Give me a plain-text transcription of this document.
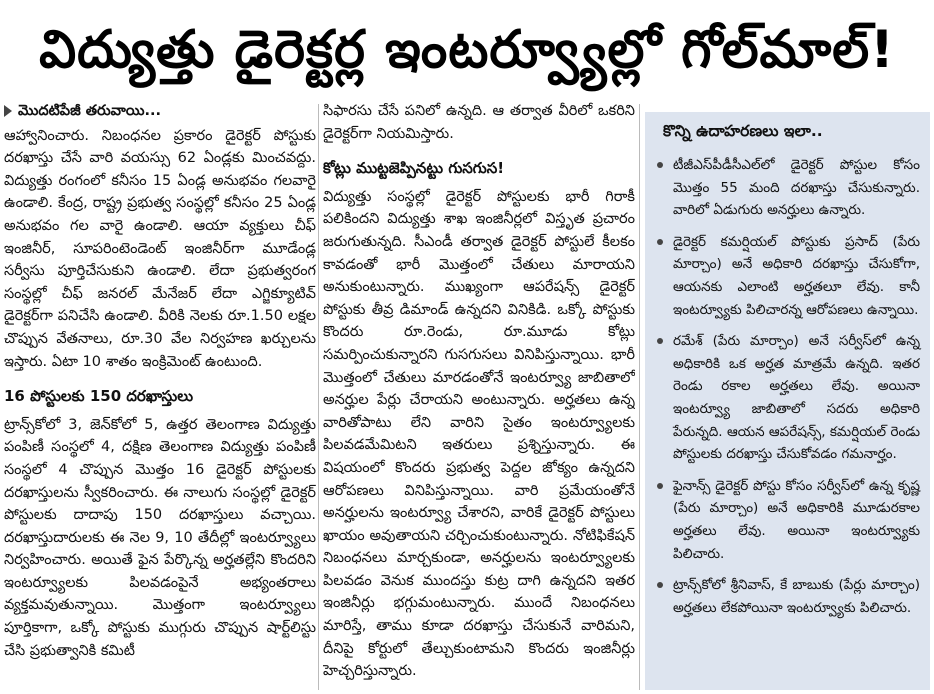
విద్యుత్తు డైరెక్టర్ల ఇంటర్వ్యూల్లో గోల్‌మాల్!
మొదటిపేజీ తరువాయి...

ఆహ్వానించారు. నిబంధనల ప్రకారం డైరెక్టర్ పోస్టుకు దరఖాస్తు చేసే వారి వయస్సు 62 ఏండ్లకు మించవద్దు. విద్యుత్తు రంగంలో కనీసం 15 ఏండ్ల అనుభవం గలవారై ఉండాలి. కేంద్ర, రాష్ట్ర ప్రభుత్వ సంస్థల్లో కనీసం 25 ఏండ్ల అనుభవం గల వారై ఉండాలి. ఆయా వ్యక్తులు చీఫ్ ఇంజినీర్, సూపరింటెండెంట్ ఇంజినీర్‌గా మూడేండ్ల సర్వీసు పూర్తిచేసుకుని ఉండాలి. లేదా ప్రభుత్వరంగ సంస్థల్లో చీఫ్ జనరల్ మేనేజర్ లేదా ఎగ్జిక్యూటివ్ డైరెక్టర్‌గా పనిచేసి ఉండాలి. వీరికి నెలకు రూ.1.50 లక్షల చొప్పున వేతనాలు, రూ.30 వేల నిర్వహణ ఖర్చులను ఇస్తారు. ఏటా 10 శాతం ఇంక్రిమెంట్ ఉంటుంది.

16 పోస్టులకు 150 దరఖాస్తులు

ట్రాన్స్‌కోలో 3, జెన్‌కోలో 5, ఉత్తర తెలంగాణ విద్యుత్తు పంపిణీ సంస్థలో 4, దక్షిణ తెలంగాణ విద్యుత్తు పంపిణీ సంస్థలో 4 చొప్పున మొత్తం 16 డైరెక్టర్ పోస్టులకు దరఖాస్తులను స్వీకరించారు. ఈ నాలుగు సంస్థల్లో డైరెక్టర్ పోస్టులకు దాదాపు 150 దరఖాస్తులు వచ్చాయి. దరఖాస్తుదారులకు ఈ నెల 9, 10 తేదీల్లో ఇంటర్వ్యూలు నిర్వహించారు. అయితే ఫైన పేర్కొన్న అర్హతల్లేని కొందరిని ఇంటర్వ్యూలకు పిలవడంపైనే అభ్యంతరాలు వ్యక్తమవుతున్నాయి. మొత్తంగా ఇంటర్వ్యూలు పూర్తికాగా, ఒక్కో పోస్టుకు ముగ్గురు చొప్పున షార్ట్‌లిస్టు చేసి ప్రభుత్వానికి కమిటీ

సిఫారసు చేసే పనిలో ఉన్నది. ఆ తర్వాత వీరిలో ఒకరిని డైరెక్టర్‌గా నియమిస్తారు.

కోట్లు ముట్టజెప్పినట్టు గుసగుస!

విద్యుత్తు సంస్థల్లో డైరెక్టర్ పోస్టులకు భారీ గిరాకీ పలికిందని విద్యుత్తు శాఖ ఇంజినీర్లలో విస్తృత ప్రచారం జరుగుతున్నది. సీఎండీ తర్వాత డైరెక్టర్ పోస్టులే కీలకం కావడంతో భారీ మొత్తంలో చేతులు మారాయని అనుకుంటున్నారు. ముఖ్యంగా ఆపరేషన్స్ డైరెక్టర్ పోస్టుకు తీవ్ర డిమాండ్ ఉన్నదని వినికిడి. ఒక్కో పోస్టుకు కొందరు రూ.రెండు, రూ.మూడు కోట్లు సమర్పించుకున్నారని గుసగుసలు వినిపిస్తున్నాయి. భారీ మొత్తంలో చేతులు మారడంతోనే ఇంటర్వ్యూ జాబితాలో అనర్హుల పేర్లు చేరాయని అంటున్నారు. అర్హతలు ఉన్న వారితోపాటు లేని వారిని సైతం ఇంటర్వ్యూలకు పిలవడమేమిటని ఇతరులు ప్రశ్నిస్తున్నారు. ఈ విషయంలో కొందరు ప్రభుత్వ పెద్దల జోక్యం ఉన్నదని ఆరోపణలు వినిపిస్తున్నాయి. వారి ప్రమేయంతోనే అనర్హులను ఇంటర్వ్యూ చేశారని, వారికే డైరెక్టర్ పోస్టులు ఖాయం అవుతాయని చర్చించుకుంటున్నారు. నోటిఫికేషన్ నిబంధనలు మార్చకుండా, అనర్హులను ఇంటర్వ్యూలకు పిలవడం వెనుక ముందస్తు కుట్ర దాగి ఉన్నదని ఇతర ఇంజినీర్లు భగ్గుమంటున్నారు. ముందే నిబంధనలు మారిస్తే, తాము కూడా దరఖాస్తు చేసుకునే వారిమని, దీనిపై కోర్టులో తేల్చుకుంటామని కొందరు ఇంజినీర్లు హెచ్చరిస్తున్నారు.

కొన్ని ఉదాహరణలు ఇలా..
టీజీఎస్‌పీడీసీఎల్‌లో డైరెక్టర్ పోస్టుల కోసం మొత్తం 55 మంది దరఖాస్తు చేసుకున్నారు. వారిలో ఏడుగురు అనర్హులు ఉన్నారు.
డైరెక్టర్ కమర్షియల్ పోస్టుకు ప్రసాద్ (పేరు మార్చాం) అనే అధికారి దరఖాస్తు చేసుకోగా, ఆయనకు ఎలాంటి అర్హతలూ లేవు. కానీ ఇంటర్వ్యూకు పిలిచారన్న ఆరోపణలు ఉన్నాయి.
రమేశ్ (పేరు మార్చాం) అనే సర్వీస్‌లో ఉన్న అధికారికి ఒక అర్హత మాత్రమే ఉన్నది. ఇతర రెండు రకాల అర్హతలు లేవు. అయినా ఇంటర్వ్యూ జాబితాలో సదరు అధికారి పేరున్నది. ఆయన ఆపరేషన్స్, కమర్షియల్ రెండు పోస్టులకు దరఖాస్తు చేసుకోవడం గమనార్హం.
ఫైనాన్స్ డైరెక్టర్ పోస్టు కోసం సర్వీస్‌లో ఉన్న కృష్ణ (పేరు మార్చాం) అనే అధికారికి మూడురకాల అర్హతలు లేవు. అయినా ఇంటర్వ్యూకు పిలిచారు.
ట్రాన్స్‌కోలో శ్రీనివాస్, కే బాబుకు (పేర్లు మార్చాం) అర్హతలు లేకపోయినా ఇంటర్వ్యూకు పిలిచారు.
